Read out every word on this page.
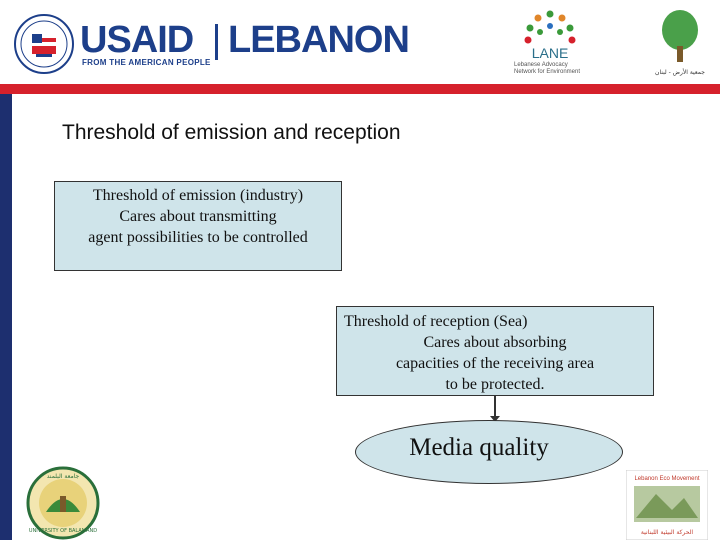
USAID LEBANON
FROM THE AMERICAN PEOPLE
LANE
Lebanese Advocacy Network for Environment	جمعية الأرض - لبنان
Threshold of emission and reception
Threshold of emission (industry)
Cares about transmitting
agent possibilities to be controlled
Threshold of reception (Sea)
Cares about absorbing
capacities of the receiving area
to be protected.
Media quality
UNIVERSITY OF BALAMAND
جامعة البلمند	Lebanon Eco Movement
الحركة البيئية اللبنانية
